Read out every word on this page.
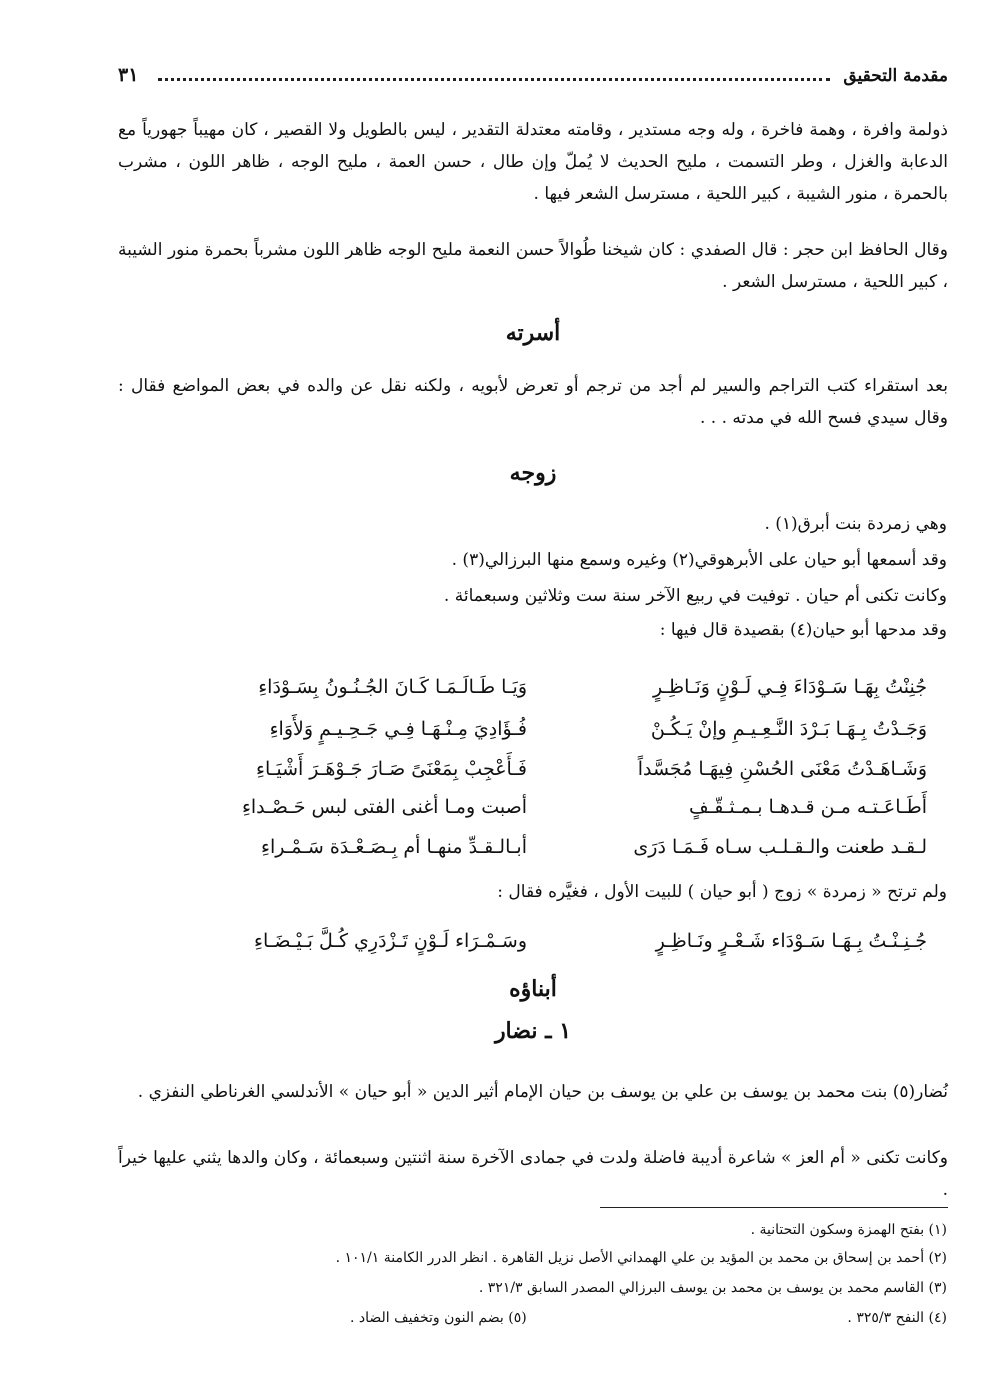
مقدمة التحقيق
٣١
ذولمة وافرة ، وهمة فاخرة ، وله وجه مستدير ، وقامته معتدلة التقدير ، ليس بالطويل ولا القصير ، كان مهيباً جهورياً مع الدعابة والغزل ، وطر التسمت ، مليح الحديث لا يُملّ وإن طال ، حسن العمة ، مليح الوجه ، ظاهر اللون ، مشرب بالحمرة ، منور الشيبة ، كبير اللحية ، مسترسل الشعر فيها .
وقال الحافظ ابن حجر : قال الصفدي : كان شيخنا طُوالاً حسن النعمة مليح الوجه ظاهر اللون مشرباً بحمرة منور الشيبة ، كبير اللحية ، مسترسل الشعر .
أسرته
بعد استقراء كتب التراجم والسير لم أجد من ترجم أو تعرض لأبويه ، ولكنه نقل عن والده في بعض المواضع فقال : وقال سيدي فسح الله في مدته . . .
زوجه
وهي زمردة بنت أبرق(١) .
وقد أسمعها أبو حيان على الأبرهوقي(٢) وغيره وسمع منها البرزالي(٣) .
وكانت تكنى أم حيان . توفيت في ربيع الآخر سنة ست وثلاثين وسبعمائة .
وقد مدحها أبو حيان(٤) بقصيدة قال فيها :
جُنِنْتُ بِهَـا سَـوْدَاءَ فِـي لَـوْنٍ وَنَـاظِـرٍ
وَيَـا طَـالَـمَـا كَـانَ الجُـنُـونُ بِسَـوْدَاءِ
وَجَـدْتُ بِـهَـا بَـرْدَ النَّـعِـيـمِ وإنْ يَـكُـنْ
فُـؤَادِيَ مِـنْـهَـا فِـي جَـحِـيـمٍ وَلأَوَاءِ
وَشَـاهَـدْتُ مَعْنَى الحُسْنِ فِيهَـا مُجَسَّداً
فَـأَعْجِبْ بِمَعْنَىً صَـارَ جَـوْهَـرَ أَشْيَـاءِ
أَطَـاعَـتـه مـن قـدهـا بـمـثـقّـفٍ
أصبت ومـا أغنى الفتى لبس حَـصْـداءِ
لـقـد طعنت والـقـلـب سـاه فَـمَـا دَرَى
أبـالـقـدِّ منهـا أم بِـصَـعْـدَة سَـمْـراءِ
ولم ترتح « زمردة » زوج ( أبو حيان ) للبيت الأول ، فغيَّره فقال :
جُـنِـنْـتُ بِـهَـا سَـوْدَاء شَـعْـرٍ ونَـاظِـرٍ
وسَـمْـرَاء لَـوْنٍ تَـزْدَرِي كُـلَّ بَـيْـضَـاءِ
أبناؤه
١ ـ نضار
نُضار(٥) بنت محمد بن يوسف بن علي بن يوسف بن حيان الإمام أثير الدين « أبو حيان » الأندلسي الغرناطي النفزي .
وكانت تكنى « أم العز » شاعرة أديبة فاضلة ولدت في جمادى الآخرة سنة اثنتين وسبعمائة ، وكان والدها يثني عليها خيراً .
(١) بفتح الهمزة وسكون التحتانية .
(٢) أحمد بن إسحاق بن محمد بن المؤيد بن علي الهمداني الأصل نزيل القاهرة . انظر الدرر الكامنة ١٠١/١ .
(٣) القاسم محمد بن يوسف بن محمد بن يوسف البرزالي المصدر السابق ٣٢١/٣ .
(٤) النفح ٣٢٥/٣ .
(٥) بضم النون وتخفيف الضاد .
